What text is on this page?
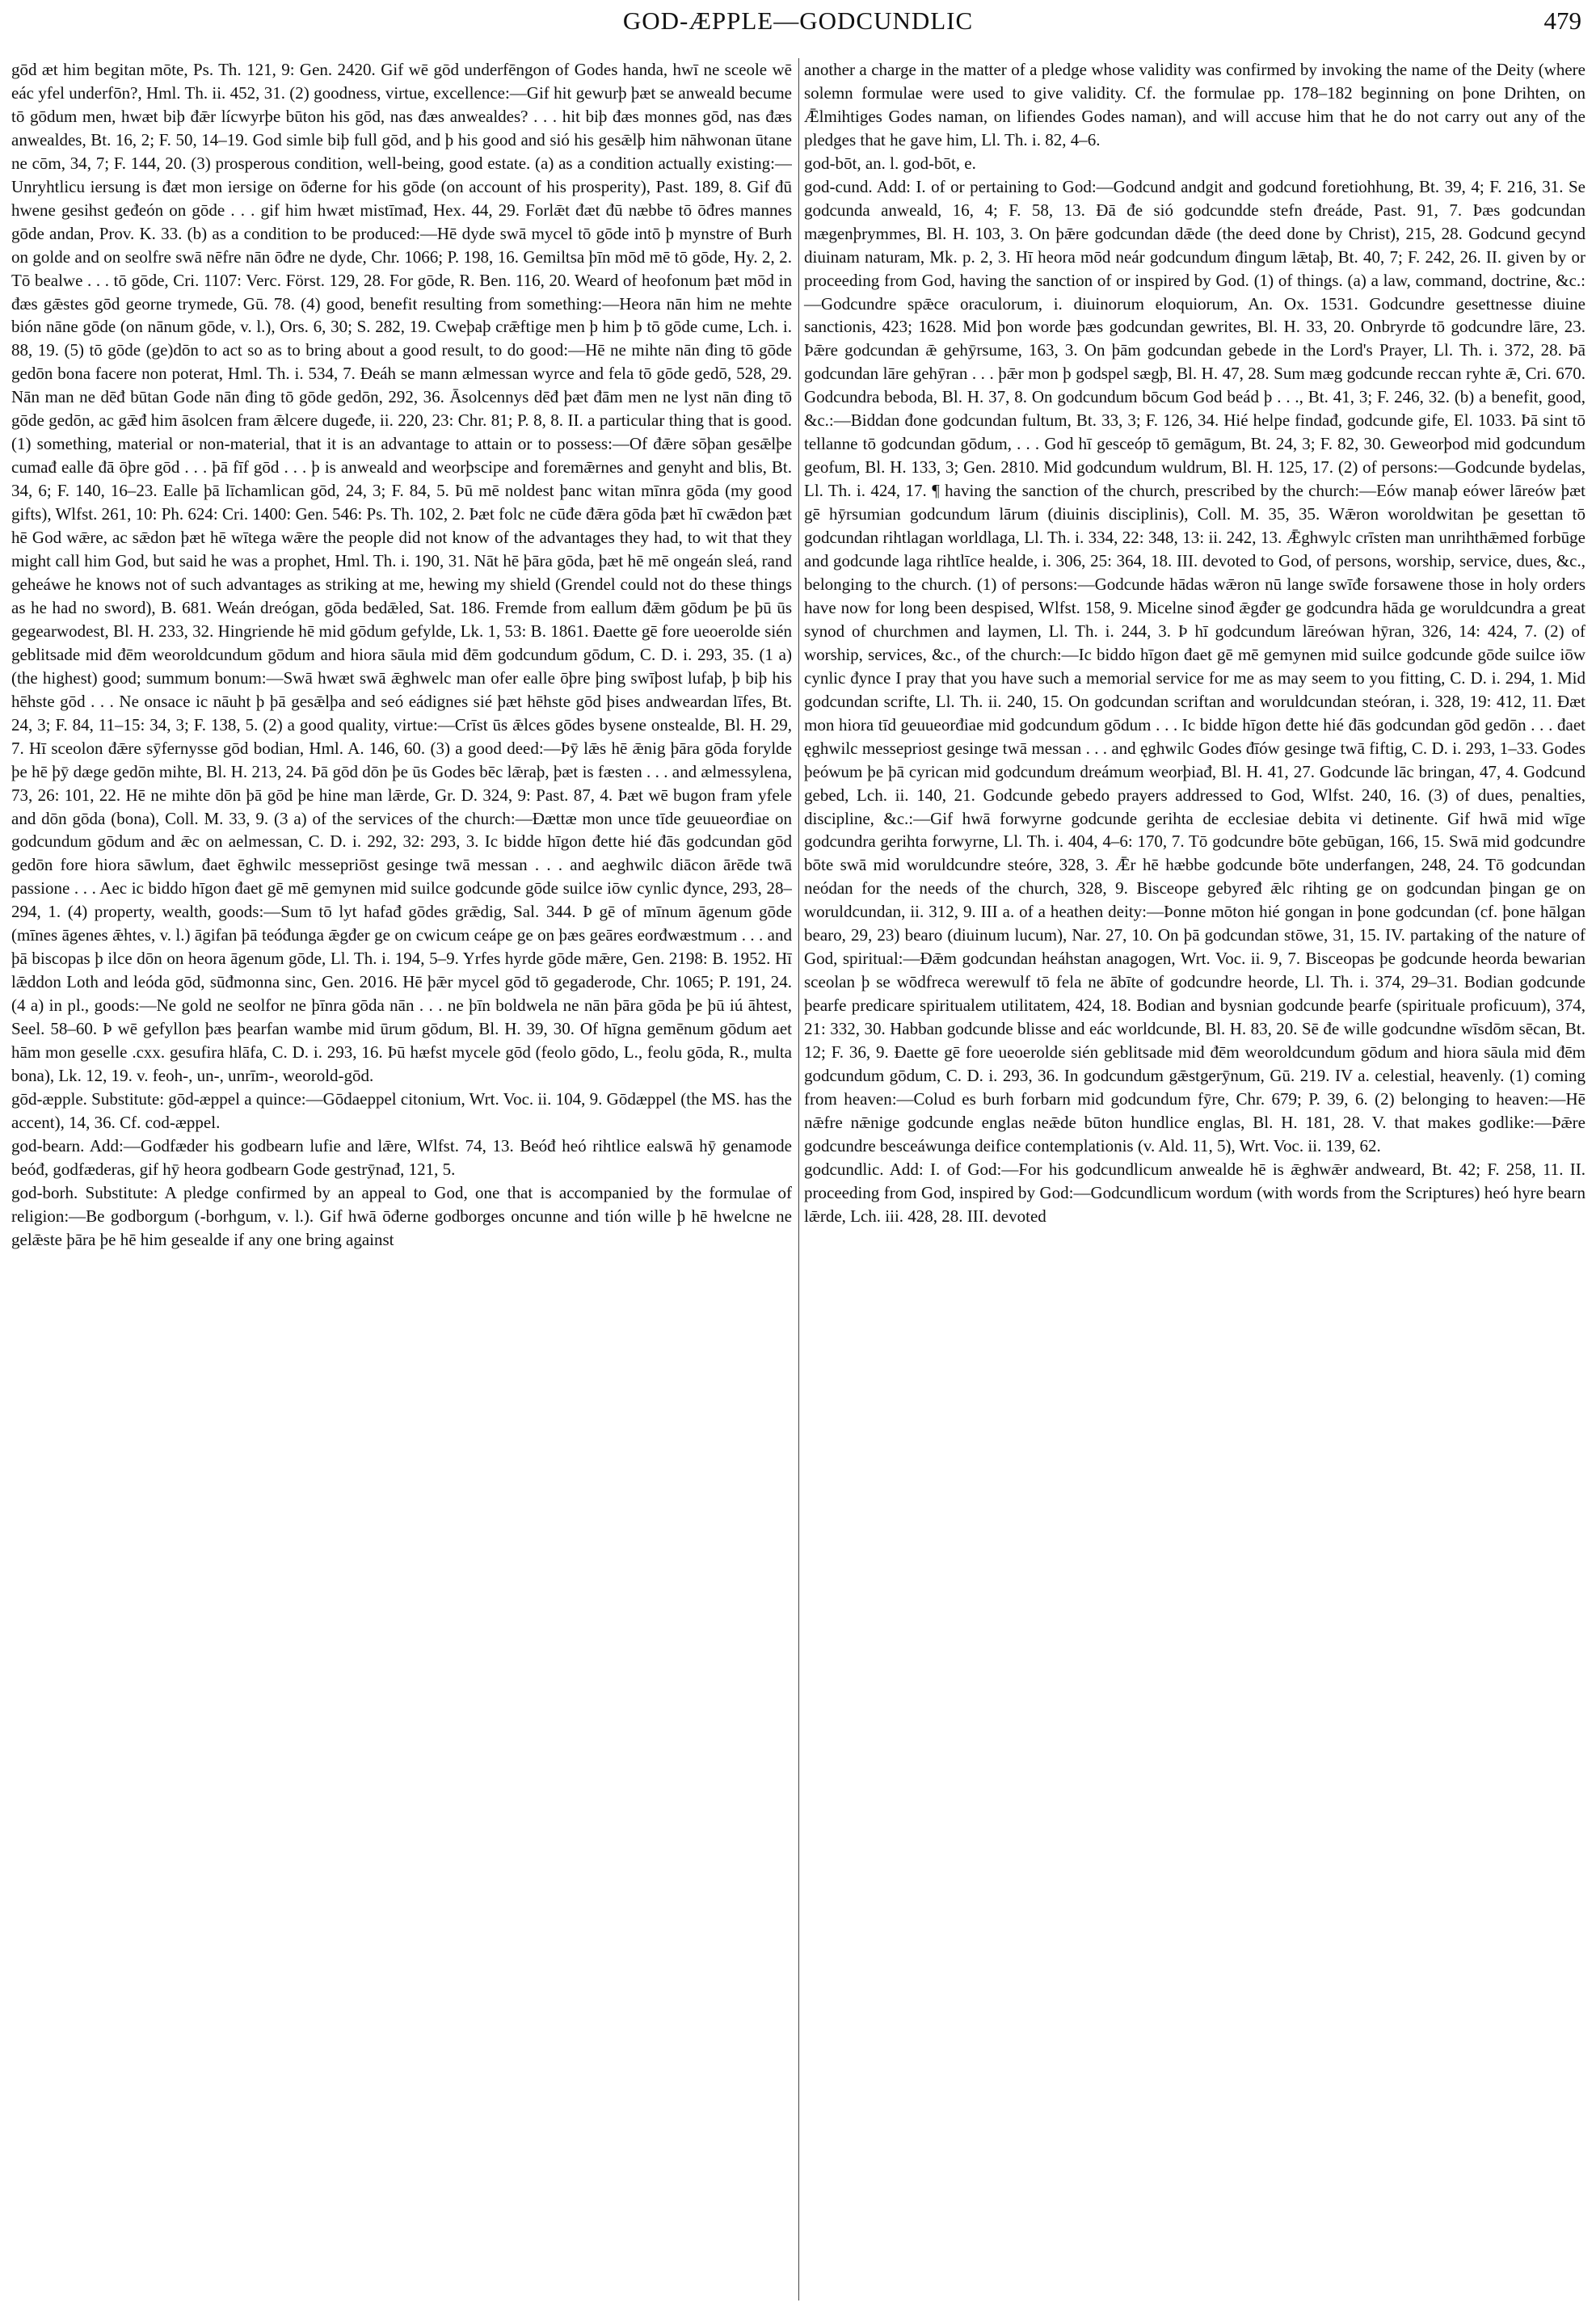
GOD-ÆPPLE—GODCUNDLIC	479

gōd æt him begitan mōte, Ps. Th. 121, 9: Gen. 2420. Gif wē gōd underfēngon of Godes handa, hwī ne sceole wē eác yfel underfōn?, Hml. Th. ii. 452, 31. (2) goodness, virtue, excellence:—Gif hit gewurþ þæt se anweald becume tō gōdum men, hwæt biþ đǣr lícwyrþe būton his gōd, nas đæs anwealdes? . . . hit biþ đæs monnes gōd, nas đæs anwealdes, Bt. 16, 2; F. 50, 14–19. God simle biþ full gōd, and þ his good and sió his gesǣlþ him nāhwonan ūtane ne cōm, 34, 7; F. 144, 20. (3) prosperous condition, well-being, good estate. (a) as a condition actually existing:—Unryhtlicu iersung is đæt mon iersige on ōđerne for his gōde (on account of his prosperity), Past. 189, 8. Gif đū hwene gesihst geđeón on gōde . . . gif him hwæt mistīmađ, Hex. 44, 29. Forlǣt đæt đū næbbe tō ōđres mannes gōde andan, Prov. K. 33. (b) as a condition to be produced:—Hē dyde swā mycel tō gōde intō þ mynstre of Burh on golde and on seolfre swā nēfre nān ōđre ne dyde, Chr. 1066; P. 198, 16. Gemiltsa þīn mōd mē tō gōde, Hy. 2, 2. Tō bealwe . . . tō gōde, Cri. 1107: Verc. Först. 129, 28. For gōde, R. Ben. 116, 20. Weard of heofonum þæt mōd in đæs gǣstes gōd georne trymede, Gū. 78. (4) good, benefit resulting from something:—Heora nān him ne mehte bión nāne gōde (on nānum gōde, v. l.), Ors. 6, 30; S. 282, 19. Cweþaþ crǣftige men þ him þ tō gōde cume, Lch. i. 88, 19. (5) tō gōde (ge)dōn to act so as to bring about a good result, to do good:—Hē ne mihte nān đing tō gōde gedōn bona facere non poterat, Hml. Th. i. 534, 7. Đeáh se mann ælmessan wyrce and fela tō gōde gedō, 528, 29. Nān man ne dēđ būtan Gode nān đing tō gōde gedōn, 292, 36. Āsolcennys dēđ þæt đām men ne lyst nān đing tō gōde gedōn, ac gǣđ him āsolcen fram ǣlcere dugeđe, ii. 220, 23: Chr. 81; P. 8, 8. II. a particular thing that is good. (1) something, material or non-material, that it is an advantage to attain or to possess:—Of đǣre sōþan gesǣlþe cumađ ealle đā ōþre gōd . . . þā fīf gōd . . . þ is anweald and weorþscipe and foremǣrnes and genyht and blis, Bt. 34, 6; F. 140, 16–23. Ealle þā līchamlican gōd, 24, 3; F. 84, 5. Þū mē noldest þanc witan mīnra gōda (my good gifts), Wlfst. 261, 10: Ph. 624: Cri. 1400: Gen. 546: Ps. Th. 102, 2. Þæt folc ne cūđe đǣra gōda þæt hī cwǣdon þæt hē God wǣre, ac sǣdon þæt hē wītega wǣre the people did not know of the advantages they had, to wit that they might call him God, but said he was a prophet, Hml. Th. i. 190, 31. Nāt hē þāra gōda, þæt hē mē ongeán sleá, rand geheáwe he knows not of such advantages as striking at me, hewing my shield (Grendel could not do these things as he had no sword), B. 681. Weán dreógan, gōda bedǣled, Sat. 186. Fremde from eallum đǣm gōdum þe þū ūs gegearwodest, Bl. H. 233, 32. Hingriende hē mid gōdum gefylde, Lk. 1, 53: B. 1861. Đaette gē fore ueoerolde sién geblitsade mid đēm weoroldcundum gōdum and hiora sāula mid đēm godcundum gōdum, C. D. i. 293, 35. (1 a) (the highest) good; summum bonum:—Swā hwæt swā ǣghwelc man ofer ealle ōþre þing swīþost lufaþ, þ biþ his hēhste gōd . . . Ne onsace ic nāuht þ þā gesǣlþa and seó eádignes sié þæt hēhste gōd þises andweardan līfes, Bt. 24, 3; F. 84, 11–15: 34, 3; F. 138, 5. (2) a good quality, virtue:—Crīst ūs ǣlces gōdes bysene onstealde, Bl. H. 29, 7. Hī sceolon đǣre sȳfernysse gōd bodian, Hml. A. 146, 60. (3) a good deed:—Þȳ lǣs hē ǣnig þāra gōda forylde þe hē þȳ dæge gedōn mihte, Bl. H. 213, 24. Þā gōd dōn þe ūs Godes bēc lǣraþ, þæt is fæsten . . . and ælmessylena, 73, 26: 101, 22. Hē ne mihte dōn þā gōd þe hine man lǣrde, Gr. D. 324, 9: Past. 87, 4. Þæt wē bugon fram yfele and dōn gōda (bona), Coll. M. 33, 9. (3 a) of the services of the church:—Đættæ mon unce tīde geuueorđiae on godcundum gōdum and ǣc on aelmessan, C. D. i. 292, 32: 293, 3. Ic bidde hīgon đette hié đās godcundan gōd gedōn fore hiora sāwlum, đaet ēghwilc messepriōst gesinge twā messan . . . and aeghwilc diācon ārēde twā passione . . . Aec ic biddo hīgon đaet gē mē gemynen mid suilce godcunde gōde suilce iōw cynlic đynce, 293, 28–294, 1. (4) property, wealth, goods:—Sum tō lyt hafađ gōdes grǣdig, Sal. 344. Þ gē of mīnum āgenum gōde (mīnes āgenes ǣhtes, v. l.) āgifan þā teóđunga ǣgđer ge on cwicum ceápe ge on þæs geāres eorđwæstmum . . . and þā biscopas þ ilce dōn on heora āgenum gōde, Ll. Th. i. 194, 5–9. Yrfes hyrde gōde mǣre, Gen. 2198: B. 1952. Hī lǣddon Loth and leóda gōd, sūđmonna sinc, Gen. 2016. Hē þǣr mycel gōd tō gegaderode, Chr. 1065; P. 191, 24. (4 a) in pl., goods:—Ne gold ne seolfor ne þīnra gōda nān . . . ne þīn boldwela ne nān þāra gōda þe þū iú āhtest, Seel. 58–60. Þ wē gefyllon þæs þearfan wambe mid ūrum gōdum, Bl. H. 39, 30. Of hīgna gemēnum gōdum aet hām mon geselle .cxx. gesufira hlāfa, C. D. i. 293, 16. Þū hæfst mycele gōd (feolo gōdo, L., feolu gōda, R., multa bona), Lk. 12, 19. v. feoh-, un-, unrīm-, weorold-gōd.

gōd-æpple. Substitute: gōd-æppel a quince:—Gōdaeppel citonium, Wrt. Voc. ii. 104, 9. Gōdæppel (the MS. has the accent), 14, 36. Cf. cod-æppel.

god-bearn. Add:—Godfæder his godbearn lufie and lǣre, Wlfst. 74, 13. Beóđ heó rihtlice ealswā hȳ genamode beóđ, godfæderas, gif hȳ heora godbearn Gode gestrȳnađ, 121, 5.

god-borh. Substitute: A pledge confirmed by an appeal to God, one that is accompanied by the formulae of religion:—Be godborgum (-borhgum, v. l.). Gif hwā ōđerne godborges oncunne and tión wille þ hē hwelcne ne gelǣste þāra þe hē him gesealde if any one bring against

another a charge in the matter of a pledge whose validity was confirmed by invoking the name of the Deity (where solemn formulae were used to give validity. Cf. the formulae pp. 178–182 beginning on þone Drihten, on Ǣlmihtiges Godes naman, on lifiendes Godes naman), and will accuse him that he do not carry out any of the pledges that he gave him, Ll. Th. i. 82, 4–6.

god-bōt, an. l. god-bōt, e.

god-cund. Add: I. of or pertaining to God:—Godcund andgit and godcund foretiohhung, Bt. 39, 4; F. 216, 31. Se godcunda anweald, 16, 4; F. 58, 13. Đā đe sió godcundde stefn đreáde, Past. 91, 7. Þæs godcundan mægenþrymmes, Bl. H. 103, 3. On þǣre godcundan dǣde (the deed done by Christ), 215, 28. Godcund gecynd diuinam naturam, Mk. p. 2, 3. Hī heora mōd neár godcundum đingum lǣtaþ, Bt. 40, 7; F. 242, 26. II. given by or proceeding from God, having the sanction of or inspired by God. (1) of things. (a) a law, command, doctrine, &c.:—Godcundre spǣce oraculorum, i. diuinorum eloquiorum, An. Ox. 1531. Godcundre gesettnesse diuine sanctionis, 423; 1628. Mid þon worde þæs godcundan gewrites, Bl. H. 33, 20. Onbryrde tō godcundre lāre, 23. Þǣre godcundan ǣ gehȳrsume, 163, 3. On þām godcundan gebede in the Lord's Prayer, Ll. Th. i. 372, 28. Þā godcundan lāre gehȳran . . . þǣr mon þ godspel sægþ, Bl. H. 47, 28. Sum mæg godcunde reccan ryhte ǣ, Cri. 670. Godcundra beboda, Bl. H. 37, 8. On godcundum bōcum God beád þ . . ., Bt. 41, 3; F. 246, 32. (b) a benefit, good, &c.:—Biddan đone godcundan fultum, Bt. 33, 3; F. 126, 34. Hié helpe findađ, godcunde gife, El. 1033. Þā sint tō tellanne tō godcundan gōdum, . . . God hī gesceóp tō gemāgum, Bt. 24, 3; F. 82, 30. Geweorþod mid godcundum geofum, Bl. H. 133, 3; Gen. 2810. Mid godcundum wuldrum, Bl. H. 125, 17. (2) of persons:—Godcunde bydelas, Ll. Th. i. 424, 17. ¶ having the sanction of the church, prescribed by the church:—Eów manaþ eówer lāreów þæt gē hȳrsumian godcundum lārum (diuinis disciplinis), Coll. M. 35, 35. Wǣron woroldwitan þe gesettan tō godcundan rihtlagan worldlaga, Ll. Th. i. 334, 22: 348, 13: ii. 242, 13. Ǣghwylc crīsten man unrihthǣmed forbūge and godcunde laga rihtlīce healde, i. 306, 25: 364, 18. III. devoted to God, of persons, worship, service, dues, &c., belonging to the church. (1) of persons:—Godcunde hādas wǣron nū lange swīđe forsawene those in holy orders have now for long been despised, Wlfst. 158, 9. Micelne sinođ ǣgđer ge godcundra hāda ge woruldcundra a great synod of churchmen and laymen, Ll. Th. i. 244, 3. Þ hī godcundum lāreówan hȳran, 326, 14: 424, 7. (2) of worship, services, &c., of the church:—Ic biddo hīgon đaet gē mē gemynen mid suilce godcunde gōde suilce iōw cynlic đynce I pray that you have such a memorial service for me as may seem to you fitting, C. D. i. 294, 1. Mid godcundan scrifte, Ll. Th. ii. 240, 15. On godcundan scriftan and woruldcundan steóran, i. 328, 19: 412, 11. Đæt mon hiora tīd geuueorđiae mid godcundum gōdum . . . Ic bidde hīgon đette hié đās godcundan gōd gedōn . . . đaet ęghwilc messepriost gesinge twā messan . . . and ęghwilc Godes đīów gesinge twā fiftig, C. D. i. 293, 1–33. Godes þeówum þe þā cyrican mid godcundum dreámum weorþiađ, Bl. H. 41, 27. Godcunde lāc bringan, 47, 4. Godcund gebed, Lch. ii. 140, 21. Godcunde gebedo prayers addressed to God, Wlfst. 240, 16. (3) of dues, penalties, discipline, &c.:—Gif hwā forwyrne godcunde gerihta de ecclesiae debita vi detinente. Gif hwā mid wīge godcundra gerihta forwyrne, Ll. Th. i. 404, 4–6: 170, 7. Tō godcundre bōte gebūgan, 166, 15. Swā mid godcundre bōte swā mid woruldcundre steóre, 328, 3. Ǣr hē hæbbe godcunde bōte underfangen, 248, 24. Tō godcundan neódan for the needs of the church, 328, 9. Bisceope gebyređ ǣlc rihting ge on godcundan þingan ge on woruldcundan, ii. 312, 9. III a. of a heathen deity:—Þonne mōton hié gongan in þone godcundan (cf. þone hālgan bearo, 29, 23) bearo (diuinum lucum), Nar. 27, 10. On þā godcundan stōwe, 31, 15. IV. partaking of the nature of God, spiritual:—Đǣm godcundan heáhstan anagogen, Wrt. Voc. ii. 9, 7. Bisceopas þe godcunde heorda bewarian sceolan þ se wōdfreca werewulf tō fela ne ābīte of godcundre heorde, Ll. Th. i. 374, 29–31. Bodian godcunde þearfe predicare spiritualem utilitatem, 424, 18. Bodian and bysnian godcunde þearfe (spirituale proficuum), 374, 21: 332, 30. Habban godcunde blisse and eác worldcunde, Bl. H. 83, 20. Sē đe wille godcundne wīsdōm sēcan, Bt. 12; F. 36, 9. Đaette gē fore ueoerolde sién geblitsade mid đēm weoroldcundum gōdum and hiora sāula mid đēm godcundum gōdum, C. D. i. 293, 36. In godcundum gǣstgerȳnum, Gū. 219. IV a. celestial, heavenly. (1) coming from heaven:—Colud es burh forbarn mid godcundum fȳre, Chr. 679; P. 39, 6. (2) belonging to heaven:—Hē nǣfre nǣnige godcunde englas neǣde būton hundlice englas, Bl. H. 181, 28. V. that makes godlike:—Þǣre godcundre besceáwunga deifice contemplationis (v. Ald. 11, 5), Wrt. Voc. ii. 139, 62.

godcundlic. Add: I. of God:—For his godcundlicum anwealde hē is ǣghwǣr andweard, Bt. 42; F. 258, 11. II. proceeding from God, inspired by God:—Godcundlicum wordum (with words from the Scriptures) heó hyre bearn lǣrde, Lch. iii. 428, 28. III. devoted
